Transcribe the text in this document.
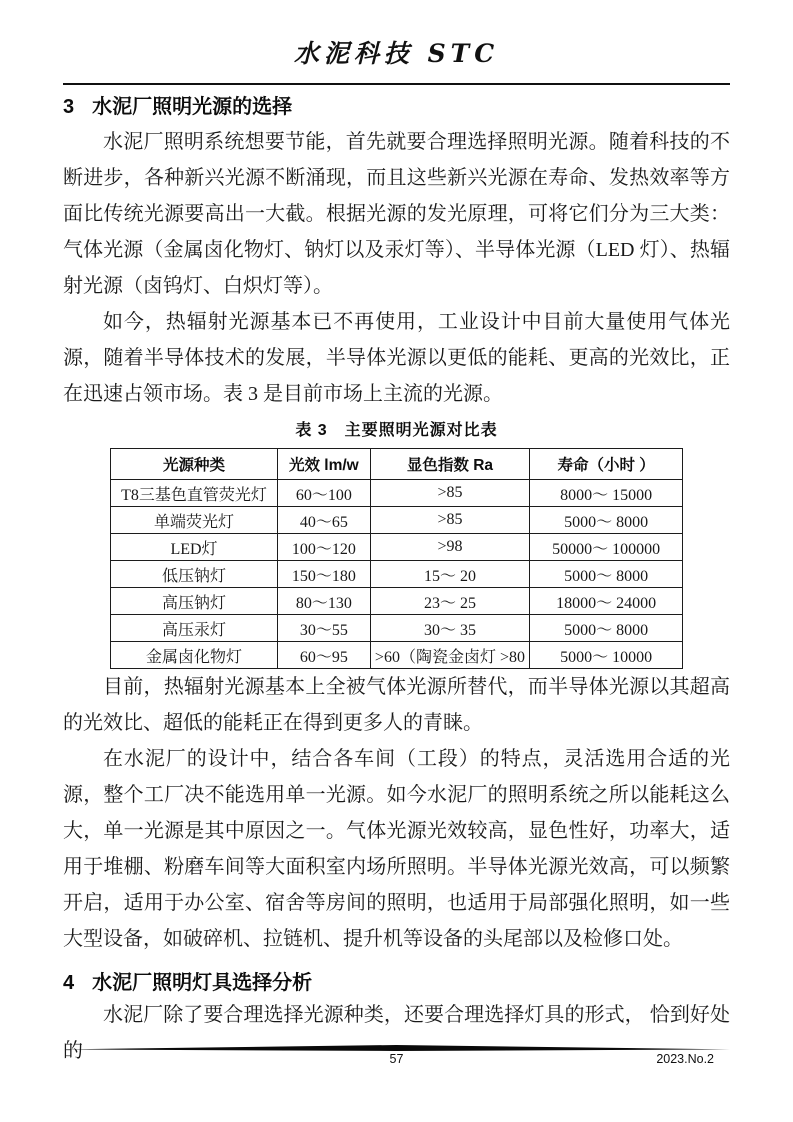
水泥科技 STC
3 水泥厂照明光源的选择

水泥厂照明系统想要节能，首先就要合理选择照明光源。随着科技的不断进步，各种新兴光源不断涌现，而且这些新兴光源在寿命、发热效率等方面比传统光源要高出一大截。根据光源的发光原理，可将它们分为三大类：气体光源（金属卤化物灯、钠灯以及汞灯等）、半导体光源（LED 灯）、热辐射光源（卤钨灯、白炽灯等）。

如今，热辐射光源基本已不再使用，工业设计中目前大量使用气体光源，随着半导体技术的发展，半导体光源以更低的能耗、更高的光效比，正在迅速占领市场。表 3 是目前市场上主流的光源。

表 3　主要照明光源对比表
光源种类	光效 lm/w	显色指数 Ra	寿命（小时 ）
T8三基色直管荧光灯	60～100	>85	8000～ 15000
单端荧光灯	40～65	>85	5000～ 8000
LED灯	100～120	>98	50000～ 100000
低压钠灯	150～180	15～ 20	5000～ 8000
高压钠灯	80～130	23～ 25	18000～ 24000
高压汞灯	30～55	30～ 35	5000～ 8000
金属卤化物灯	60～95	>60（陶瓷金卤灯 >80	5000～ 10000

目前，热辐射光源基本上全被气体光源所替代，而半导体光源以其超高的光效比、超低的能耗正在得到更多人的青睐。

在水泥厂的设计中，结合各车间（工段）的特点，灵活选用合适的光源，整个工厂决不能选用单一光源。如今水泥厂的照明系统之所以能耗这么大，单一光源是其中原因之一。气体光源光效较高，显色性好，功率大，适用于堆棚、粉磨车间等大面积室内场所照明。半导体光源光效高，可以频繁开启，适用于办公室、宿舍等房间的照明，也适用于局部强化照明，如一些大型设备，如破碎机、拉链机、提升机等设备的头尾部以及检修口处。

4 水泥厂照明灯具选择分析

水泥厂除了要合理选择光源种类，还要合理选择灯具的形式， 恰到好处的	57	2023.No.2
